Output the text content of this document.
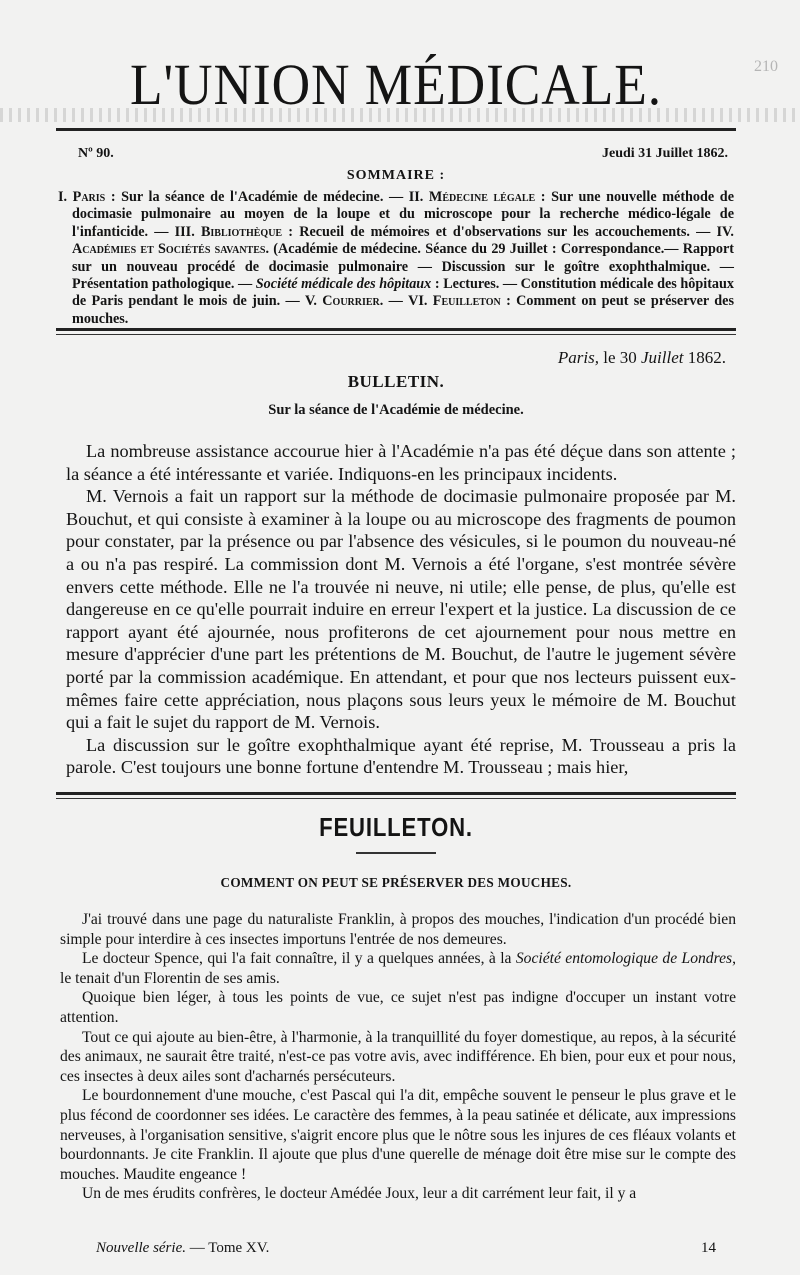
210
L'UNION MÉDICALE.
Nº 90.	Jeudi 31 Juillet 1862.
SOMMAIRE :
I. Paris : Sur la séance de l'Académie de médecine. — II. Médecine légale : Sur une nouvelle méthode de docimasie pulmonaire au moyen de la loupe et du microscope pour la recherche médico-légale de l'infanticide. — III. Bibliothèque : Recueil de mémoires et d'observations sur les accouchements. — IV. Académies et Sociétés savantes. (Académie de médecine. Séance du 29 Juillet : Correspondance.— Rapport sur un nouveau procédé de docimasie pulmonaire — Discussion sur le goître exophthalmique. — Présentation pathologique. — Société médicale des hôpitaux : Lectures. — Constitution médicale des hôpitaux de Paris pendant le mois de juin. — V. Courrier. — VI. Feuilleton : Comment on peut se préserver des mouches.
Paris, le 30 Juillet 1862.
BULLETIN.
Sur la séance de l'Académie de médecine.

La nombreuse assistance accourue hier à l'Académie n'a pas été déçue dans son attente ; la séance a été intéressante et variée. Indiquons-en les principaux incidents.

M. Vernois a fait un rapport sur la méthode de docimasie pulmonaire proposée par M. Bouchut, et qui consiste à examiner à la loupe ou au microscope des fragments de poumon pour constater, par la présence ou par l'absence des vésicules, si le poumon du nouveau-né a ou n'a pas respiré. La commission dont M. Vernois a été l'organe, s'est montrée sévère envers cette méthode. Elle ne l'a trouvée ni neuve, ni utile; elle pense, de plus, qu'elle est dangereuse en ce qu'elle pourrait induire en erreur l'expert et la justice. La discussion de ce rapport ayant été ajournée, nous profiterons de cet ajournement pour nous mettre en mesure d'apprécier d'une part les prétentions de M. Bouchut, de l'autre le jugement sévère porté par la commission académique. En attendant, et pour que nos lecteurs puissent eux-mêmes faire cette appréciation, nous plaçons sous leurs yeux le mémoire de M. Bouchut qui a fait le sujet du rapport de M. Vernois.

La discussion sur le goître exophthalmique ayant été reprise, M. Trousseau a pris la parole. C'est toujours une bonne fortune d'entendre M. Trousseau ; mais hier,

FEUILLETON.
COMMENT ON PEUT SE PRÉSERVER DES MOUCHES.

J'ai trouvé dans une page du naturaliste Franklin, à propos des mouches, l'indication d'un procédé bien simple pour interdire à ces insectes importuns l'entrée de nos demeures.

Le docteur Spence, qui l'a fait connaître, il y a quelques années, à la Société entomologique de Londres, le tenait d'un Florentin de ses amis.

Quoique bien léger, à tous les points de vue, ce sujet n'est pas indigne d'occuper un instant votre attention.

Tout ce qui ajoute au bien-être, à l'harmonie, à la tranquillité du foyer domestique, au repos, à la sécurité des animaux, ne saurait être traité, n'est-ce pas votre avis, avec indifférence. Eh bien, pour eux et pour nous, ces insectes à deux ailes sont d'acharnés persécuteurs.

Le bourdonnement d'une mouche, c'est Pascal qui l'a dit, empêche souvent le penseur le plus grave et le plus fécond de coordonner ses idées. Le caractère des femmes, à la peau satinée et délicate, aux impressions nerveuses, à l'organisation sensitive, s'aigrit encore plus que le nôtre sous les injures de ces fléaux volants et bourdonnants. Je cite Franklin. Il ajoute que plus d'une querelle de ménage doit être mise sur le compte des mouches. Maudite engeance !

Un de mes érudits confrères, le docteur Amédée Joux, leur a dit carrément leur fait, il y a

Nouvelle série. — Tome XV.	14
